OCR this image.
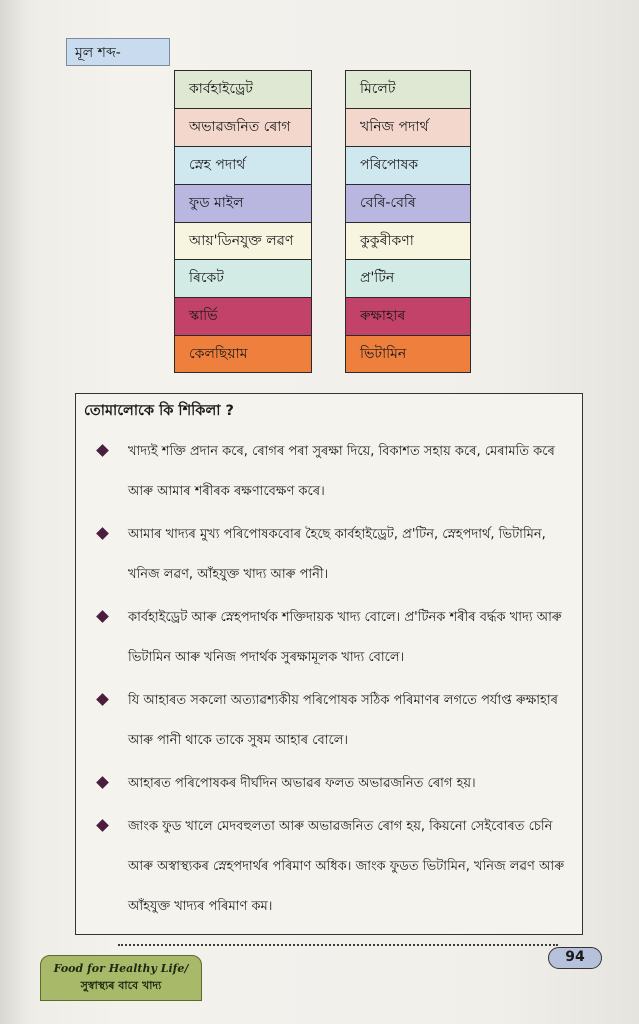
মূল শব্দ-
কাৰ্বহাইড্ৰেট
অভাৱজনিত ৰোগ
স্নেহ পদাৰ্থ
ফুড মাইল
আয়'ডিনযুক্ত লৱণ
ৰিকেট
স্কাৰ্ভি
কেলছিয়াম
মিলেট
খনিজ পদাৰ্থ
পৰিপোষক
বেৰি-বেৰি
কুকুৰীকণা
প্ৰ'টিন
ৰুক্ষাহাৰ
ভিটামিন
তোমালোকে কি শিকিলা ?
খাদ্যই শক্তি প্ৰদান কৰে, ৰোগৰ পৰা সুৰক্ষা দিয়ে, বিকাশত সহায় কৰে, মেৰামতি কৰে আৰু আমাৰ শৰীৰক ৰক্ষণাবেক্ষণ কৰে।
আমাৰ খাদ্যৰ মুখ্য পৰিপোষকবোৰ হৈছে কাৰ্বহাইড্ৰেট, প্ৰ'টিন, স্নেহপদাৰ্থ, ভিটামিন, খনিজ লৱণ, আঁহযুক্ত খাদ্য আৰু পানী।
কাৰ্বহাইড্ৰেট আৰু স্নেহপদাৰ্থক শক্তিদায়ক খাদ্য বোলে। প্ৰ'টিনক শৰীৰ বৰ্দ্ধক খাদ্য আৰু ভিটামিন আৰু খনিজ পদাৰ্থক সুৰক্ষামূলক খাদ্য বোলে।
যি আহাৰত সকলো অত্যাৱশ্যকীয় পৰিপোষক সঠিক পৰিমাণৰ লগতে পৰ্যাপ্ত ৰুক্ষাহাৰ আৰু পানী থাকে তাকে সুষম আহাৰ বোলে।
আহাৰত পৰিপোষকৰ দীৰ্ঘদিন অভাৱৰ ফলত অভাৱজনিত ৰোগ হয়।
জাংক ফুড খালে মেদবহুলতা আৰু অভাৱজনিত ৰোগ হয়, কিয়নো সেইবোৰত চেনি আৰু অস্বাস্থ্যকৰ স্নেহপদাৰ্থৰ পৰিমাণ অধিক। জাংক ফুডত ভিটামিন, খনিজ লৱণ আৰু আঁহযুক্ত খাদ্যৰ পৰিমাণ কম।
Food for Healthy Life/
সুস্বাস্থ্যৰ বাবে খাদ্য
94
